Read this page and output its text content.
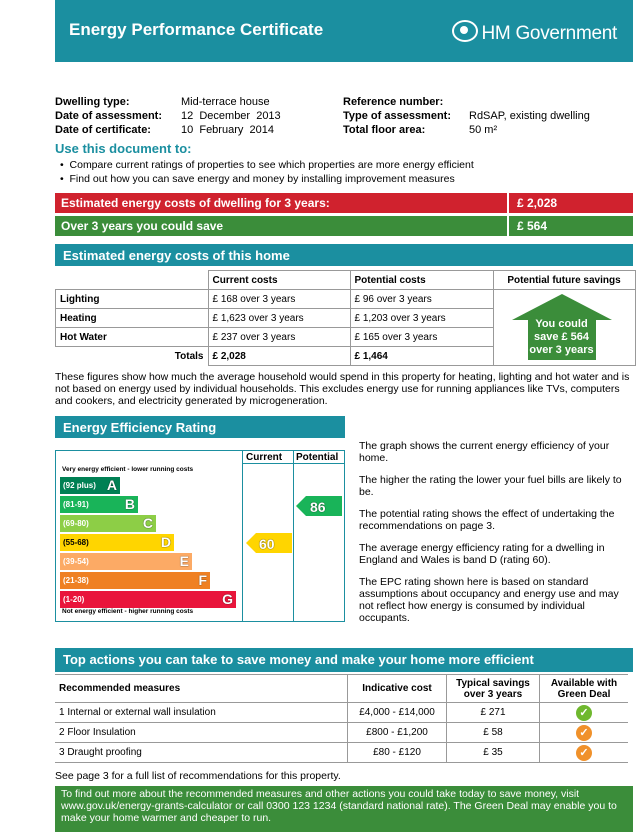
Energy Performance Certificate	HM Government
Dwelling type:	Mid-terrace house
Date of assessment: 12  December  2013
Date of certificate:	10  February  2014
Reference number:
Type of assessment: RdSAP, existing dwelling
Total floor area:	50 m²
Use this document to:
•  Compare current ratings of properties to see which properties are more energy efficient
•  Find out how you can save energy and money by installing improvement measures
Estimated energy costs of dwelling for 3 years:	£ 2,028
Over 3 years you could save	£ 564
Estimated energy costs of this home
	Current costs	Potential costs	Potential future savings
Lighting	£ 168 over 3 years	£ 96 over 3 years	You could
save £ 564
over 3 years

Heating	£ 1,623 over 3 years	£ 1,203 over 3 years	
Hot Water	£ 237 over 3 years	£ 165 over 3 years	
Totals	£ 2,028	£ 1,464	
These figures show how much the average household would spend in this property for heating, lighting and hot water and is not based on energy used by individual households. This excludes energy use for running appliances like TVs, computers and cookers, and electricity generated by microgeneration.
Energy Efficiency Rating
Current Potential
Very energy efficient - lower running costs
Not energy efficient - higher running costs
(92 plus) A
(81-91)	B
(69-80)	C
(55-68)	D
(39-54)	E
(21-38)	F
(1-20)	G
60
86
The graph shows the current energy efficiency of your home.
The higher the rating the lower your fuel bills are likely to be.
The potential rating shows the effect of undertaking the recommendations on page 3.
The average energy efficiency rating for a dwelling in England and Wales is band D (rating 60).
The EPC rating shown here is based on standard assumptions about occupancy and energy use and may not reflect how energy is consumed by individual occupants.
Top actions you can take to save money and make your home more efficient
Recommended measures	Indicative cost	Typical savings over 3 years	Available with Green Deal
1 Internal or external wall insulation	£4,000 - £14,000	£ 271	✓
2 Floor Insulation	£800 - £1,200	£ 58	✓
3 Draught proofing	£80 - £120	£ 35	✓
See page 3 for a full list of recommendations for this property.
To find out more about the recommended measures and other actions you could take today to save money, visit www.gov.uk/energy-grants-calculator or call 0300 123 1234 (standard national rate). The Green Deal may enable you to make your home warmer and cheaper to run.
